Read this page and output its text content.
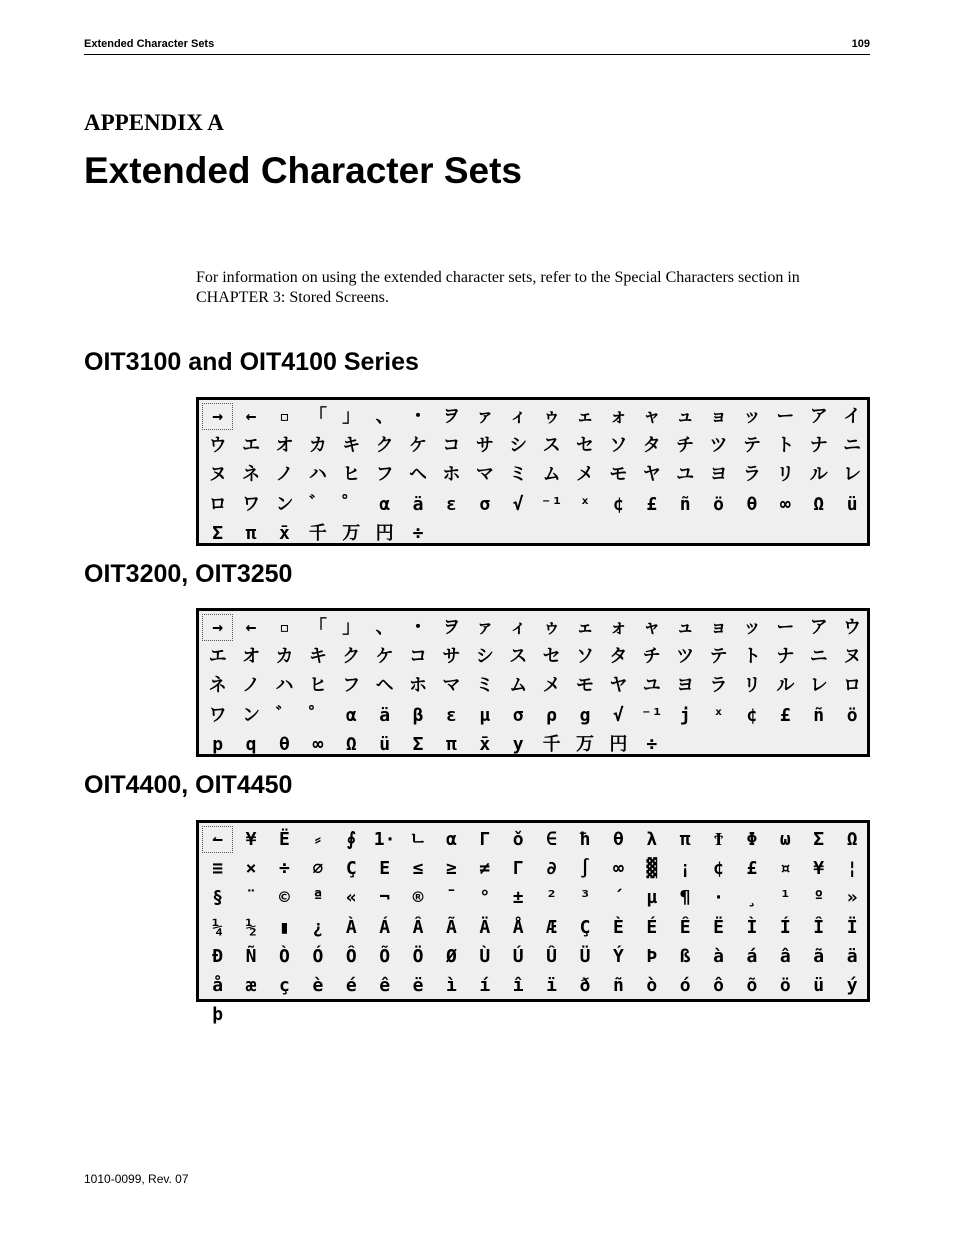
Extended Character Sets	109
APPENDIX A
Extended Character Sets
For information on using the extended character sets, refer to the Special Characters section in CHAPTER 3: Stored Screens.
OIT3100 and OIT4100 Series
→	←	▫	「 」 、 ・ ヲ ァ ィ ゥ ェ ォ ャ ュ ョ ッ ー ア イ
ウ エ オ カ キ ク ケ コ サ シ ス セ ソ タ チ ツ テ ト ナ ニ
ヌ ネ ノ ハ ヒ フ ヘ ホ マ ミ ム メ モ ヤ ユ ヨ ラ リ ル レ
ロ ワ ン ゛ ゜	α	ä	ε	σ	√ ⁻¹ ˣ	¢	£	ñ	ö	θ	∞	Ω	ü
Σ	π	x̄	千 万 円	÷
OIT3200, OIT3250
→	←	▫	「 」 、 ・ ヲ ァ ィ ゥ ェ ォ ャ ュ ョ ッ ー ア ウ
エ オ カ キ ク ケ コ サ シ ス セ ソ タ チ ツ テ ト ナ ニ ヌ
ネ ノ ハ ヒ フ ヘ ホ マ ミ ム メ モ ヤ ユ ヨ ラ リ ル レ ロ
ワ ン ゛ ゜	α	ä	β	ε	μ	σ	ρ	g	√ ⁻¹ j	ˣ	¢	£	ñ	ö
p	q	θ	∞	Ω	ü	Σ	π	x̄	y	千 万 円	÷
OIT4400, OIT4450
↼	¥	Ë	⸗	∮ 1· ㄴ	α	Γ	ǒ	∈	ħ	θ	λ	π	Ϯ	Φ	ω	Σ	Ω
≡	×	÷	∅	Ç	E	≤	≥	≠	Γ	∂	∫	∞	▓	¡	¢	£	¤	¥	¦
§	¨	©	ª	«	¬	®	¯	°	±	²	³	´	µ	¶	·	¸	¹	º	»
¼	½	▮	¿	À	Á	Â	Ã	Ä	Å	Æ	Ç	È	É	Ê	Ë	Ì	Í	Î	Ï
Ð	Ñ	Ò	Ó	Ô	Õ	Ö	Ø	Ù	Ú	Û	Ü	Ý	Þ	ß	à	á	â	ã	ä
å	æ	ç	è	é	ê	ë	ì	í	î	ï	ð	ñ	ò	ó	ô	õ	ö	ü	ý
þ
1010-0099, Rev. 07
